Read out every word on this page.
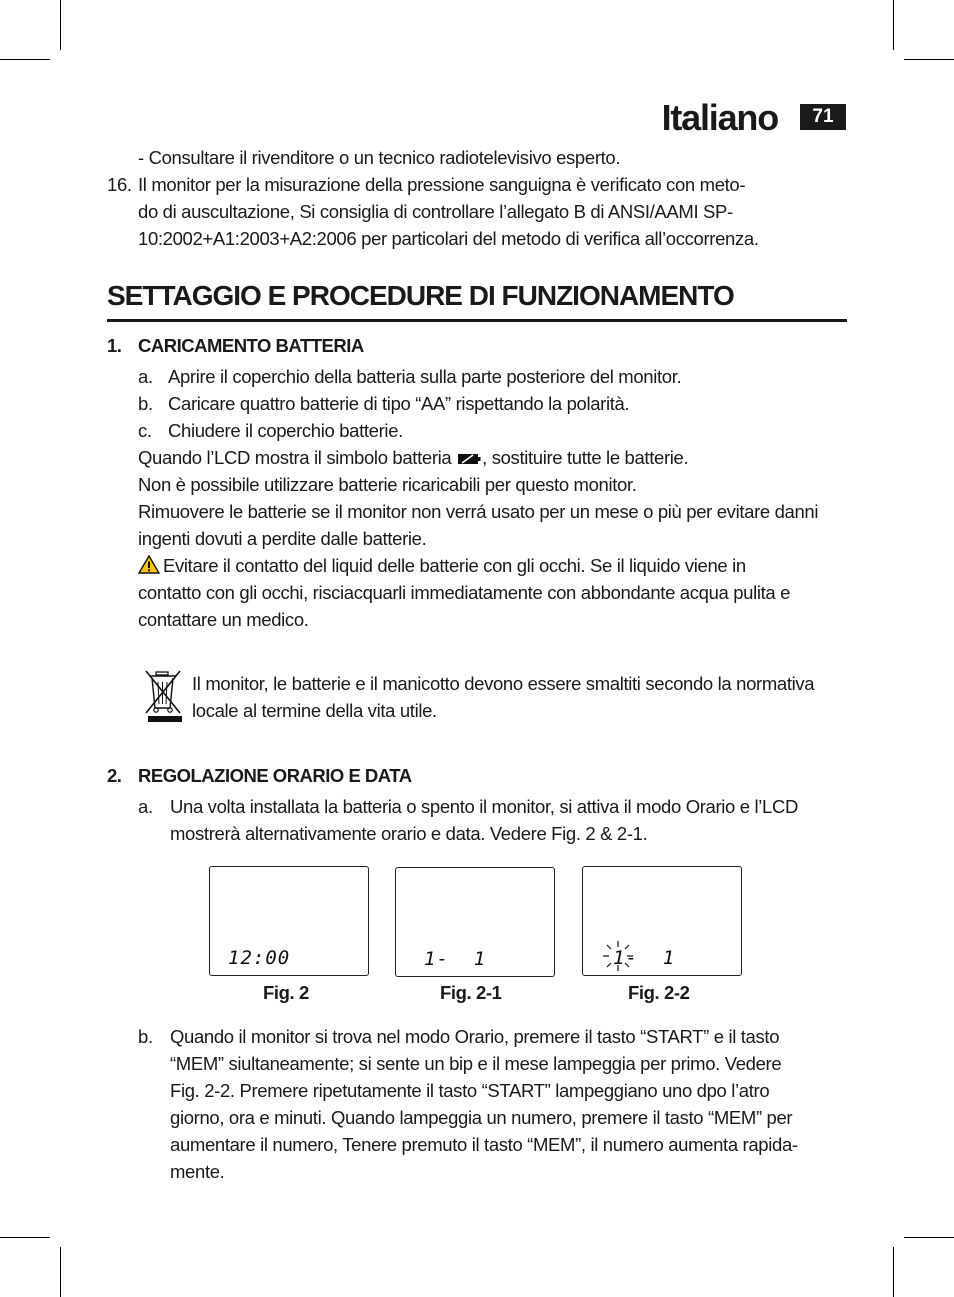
Italiano	71
- Consultare il rivenditore o un tecnico radiotelevisivo esperto.
16. Il monitor per la misurazione della pressione sanguigna è verificato con meto-
do di auscultazione, Si consiglia di controllare l’allegato B di ANSI/AAMI SP-
10:2002+A1:2003+A2:2006 per particolari del metodo di verifica all’occorrenza.
SETTAGGIO E PROCEDURE DI FUNZIONAMENTO
1. CARICAMENTO BATTERIA
a. Aprire il coperchio della batteria sulla parte posteriore del monitor.
b. Caricare quattro batterie di tipo “AA” rispettando la polarità.
c. Chiudere il coperchio batterie.
Quando l’LCD mostra il simbolo batteria , sostituire tutte le batterie.
Non è possibile utilizzare batterie ricaricabili per questo monitor.
Rimuovere le batterie se il monitor non verrá usato per un mese o più per evitare danni
ingenti dovuti a perdite dalle batterie.
Evitare il contatto del liquid delle batterie con gli occhi. Se il liquido viene in
contatto con gli occhi, risciacquarli immediatamente con abbondante acqua pulita e
contattare un medico.
Il monitor, le batterie e il manicotto devono essere smaltiti secondo la normativa
locale al termine della vita utile.
2. REGOLAZIONE ORARIO E DATA
a. Una volta installata la batteria o spento il monitor, si attiva il modo Orario e l’LCD
mostrerà alternativamente orario e data. Vedere Fig. 2 & 2-1.
12:00	1-  1	1-  1
Fig. 2	Fig. 2-1	Fig. 2-2
b. Quando il monitor si trova nel modo Orario, premere il tasto “START” e il tasto
“MEM” siultaneamente; si sente un bip e il mese lampeggia per primo. Vedere
Fig. 2-2. Premere ripetutamente il tasto “START” lampeggiano uno dpo l’atro
giorno, ora e minuti. Quando lampeggia un numero, premere il tasto “MEM” per
aumentare il numero, Tenere premuto il tasto “MEM”, il numero aumenta rapida-
mente.
